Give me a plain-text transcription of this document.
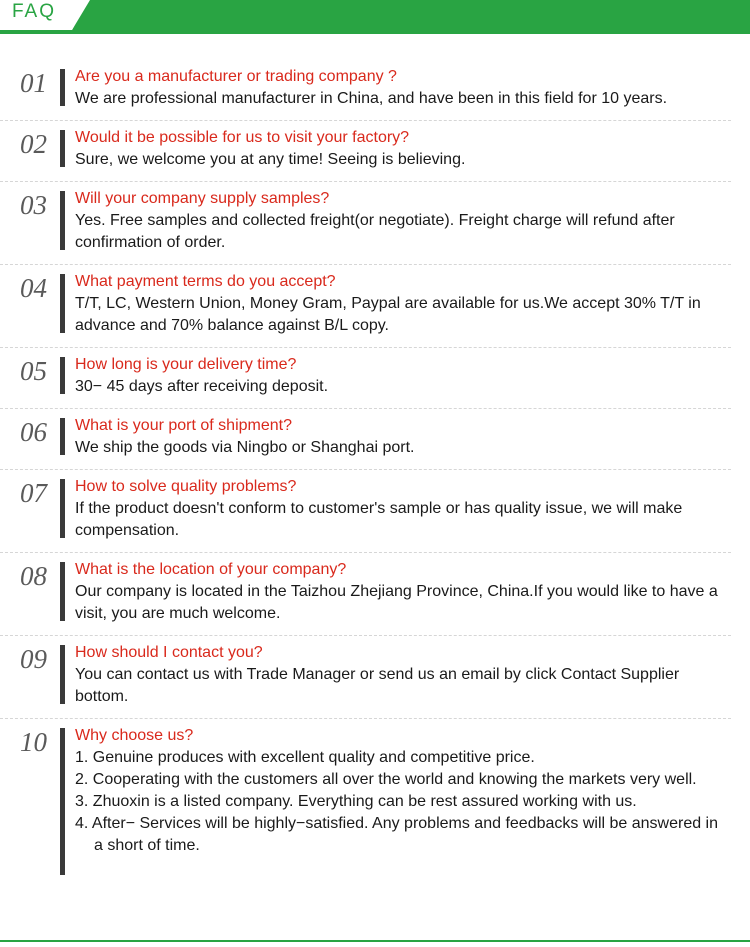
FAQ
01	Are you a manufacturer or trading company ?

We are professional manufacturer in China, and have been in this field for 10 years.

02	Would it be possible for us to visit your factory?

Sure, we welcome you at any time! Seeing is believing.

03	Will your company supply samples?

Yes. Free samples and collected freight(or negotiate). Freight charge will refund after confirmation of order.

04	What payment terms do you accept?

T/T, LC, Western Union, Money Gram, Paypal are available for us.We accept 30% T/T in advance and 70% balance against B/L copy.

05	How long is your delivery time?

30− 45 days after receiving deposit.

06	What is your port of shipment?

We ship the goods via Ningbo or Shanghai port.

07	How to solve quality problems?

If the product doesn't conform to customer's sample or has quality issue, we will make compensation.

08	What is the location of your company?

Our company is located in the Taizhou Zhejiang Province, China.If you would like to have a visit, you are much welcome.

09	How should I contact you?

You can contact us with Trade Manager or send us an email by click Contact Supplier bottom.

10	Why choose us?

1. Genuine produces with excellent quality and competitive price.
2. Cooperating with the customers all over the world and knowing the markets very well.
3. Zhuoxin is a listed company. Everything can be rest assured working with us.
4. After− Services will be highly−satisfied. Any problems and feedbacks will be answered in a short of time.
